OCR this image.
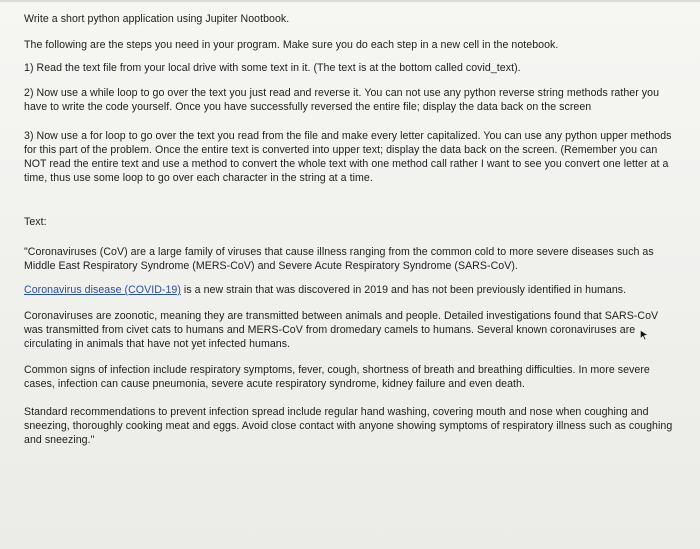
Write a short python application using Jupiter Nootbook.

The following are the steps you need in your program. Make sure you do each step in a new cell in the notebook.

1) Read the text file from your local drive with some text in it. (The text is at the bottom called covid_text).

2) Now use a while loop to go over the text you just read and reverse it. You can not use any python reverse string methods rather you have to write the code yourself. Once you have successfully reversed the entire file; display the data back on the screen

3) Now use a for loop to go over the text you read from the file and make every letter capitalized. You can use any python upper methods for this part of the problem. Once the entire text is converted into upper text; display the data back on the screen. (Remember you can NOT read the entire text and use a method to convert the whole text with one method call rather I want to see you convert one letter at a time, thus use some loop to go over each character in the string at a time.

Text:

"Coronaviruses (CoV) are a large family of viruses that cause illness ranging from the common cold to more severe diseases such as Middle East Respiratory Syndrome (MERS-CoV) and Severe Acute Respiratory Syndrome (SARS-CoV).

Coronavirus disease (COVID-19) is a new strain that was discovered in 2019 and has not been previously identified in humans.

Coronaviruses are zoonotic, meaning they are transmitted between animals and people. Detailed investigations found that SARS-CoV was transmitted from civet cats to humans and MERS-CoV from dromedary camels to humans. Several known coronaviruses are circulating in animals that have not yet infected humans.

Common signs of infection include respiratory symptoms, fever, cough, shortness of breath and breathing difficulties. In more severe cases, infection can cause pneumonia, severe acute respiratory syndrome, kidney failure and even death.

Standard recommendations to prevent infection spread include regular hand washing, covering mouth and nose when coughing and sneezing, thoroughly cooking meat and eggs. Avoid close contact with anyone showing symptoms of respiratory illness such as coughing and sneezing."
